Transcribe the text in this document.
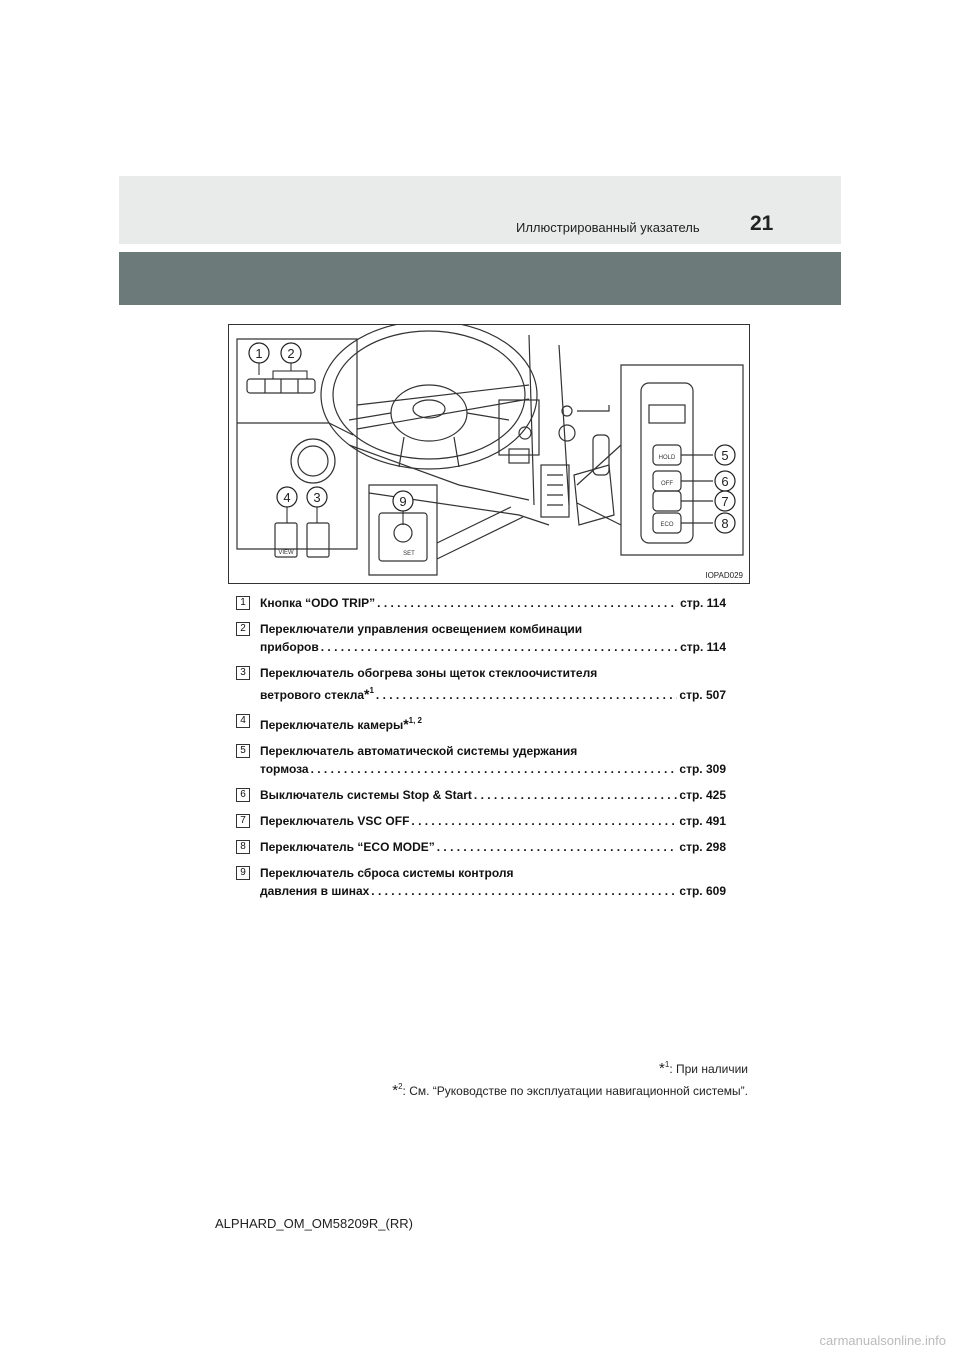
Иллюстрированный указатель 21
VIEW	SET
HOLD
OFF
ECO
1 2
3
4
5
6
7
8
9
IOPAD029
1	Кнопка “ODO TRIP” . . .	стр. 114
2	Переключатели управления освещением комбинации
приборов . . .	стр. 114
3	Переключатель обогрева зоны щеток стеклоочистителя
ветрового стекла*$^1$ . . .	стр. 507
4	Переключатель камеры*$^{1, 2}$
5	Переключатель автоматической системы удержания
тормоза . . .	стр. 309
6	Выключатель системы Stop & Start . . .	стр. 425
7	Переключатель VSC OFF . . .	стр. 491
8	Переключатель “ECO MODE” . . .	стр. 298
9	Переключатель сброса системы контроля
давления в шинах . . .	стр. 609
*$^1$: При наличии
*$^2$: См. “Руководстве по эксплуатации навигационной системы”.
ALPHARD_OM_OM58209R_(RR)
carmanualsonline.info
